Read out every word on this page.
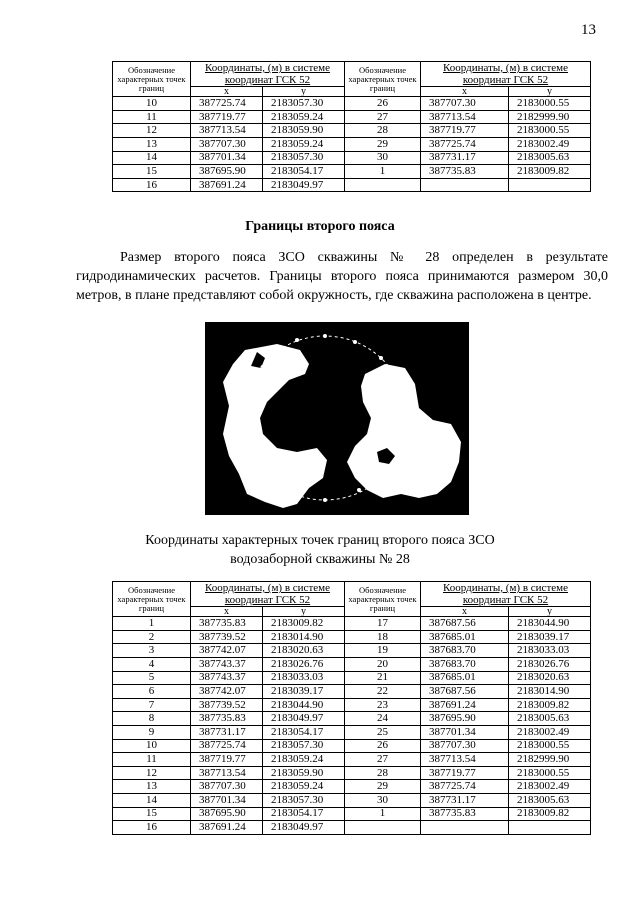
13
Обозначение характерных точек границ	Координаты, (м) в системе координат ГСК 52		Обозначение характерных точек границ	Координаты, (м) в системе координат ГСК 52	
	x	y		x	y
10	387725.74	2183057.30	26	387707.30	2183000.55
11	387719.77	2183059.24	27	387713.54	2182999.90
12	387713.54	2183059.90	28	387719.77	2183000.55
13	387707.30	2183059.24	29	387725.74	2183002.49
14	387701.34	2183057.30	30	387731.17	2183005.63
15	387695.90	2183054.17	1	387735.83	2183009.82
16	387691.24	2183049.97			
Границы второго пояса

Размер второго пояса ЗСО скважины № 28 определен в результате гидродинамических расчетов. Границы второго пояса принимаются размером 30,0 метров, в плане представляют собой окружность, где скважина расположена в центре.

Координаты характерных точек границ второго пояса ЗСО
водозаборной скважины № 28
Обозначение характерных точек границ	Координаты, (м) в системе координат ГСК 52		Обозначение характерных точек границ	Координаты, (м) в системе координат ГСК 52	
	x	y		x	y
1	387735.83	2183009.82	17	387687.56	2183044.90
2	387739.52	2183014.90	18	387685.01	2183039.17
3	387742.07	2183020.63	19	387683.70	2183033.03
4	387743.37	2183026.76	20	387683.70	2183026.76
5	387743.37	2183033.03	21	387685.01	2183020.63
6	387742.07	2183039.17	22	387687.56	2183014.90
7	387739.52	2183044.90	23	387691.24	2183009.82
8	387735.83	2183049.97	24	387695.90	2183005.63
9	387731.17	2183054.17	25	387701.34	2183002.49
10	387725.74	2183057.30	26	387707.30	2183000.55
11	387719.77	2183059.24	27	387713.54	2182999.90
12	387713.54	2183059.90	28	387719.77	2183000.55
13	387707.30	2183059.24	29	387725.74	2183002.49
14	387701.34	2183057.30	30	387731.17	2183005.63
15	387695.90	2183054.17	1	387735.83	2183009.82
16	387691.24	2183049.97			
